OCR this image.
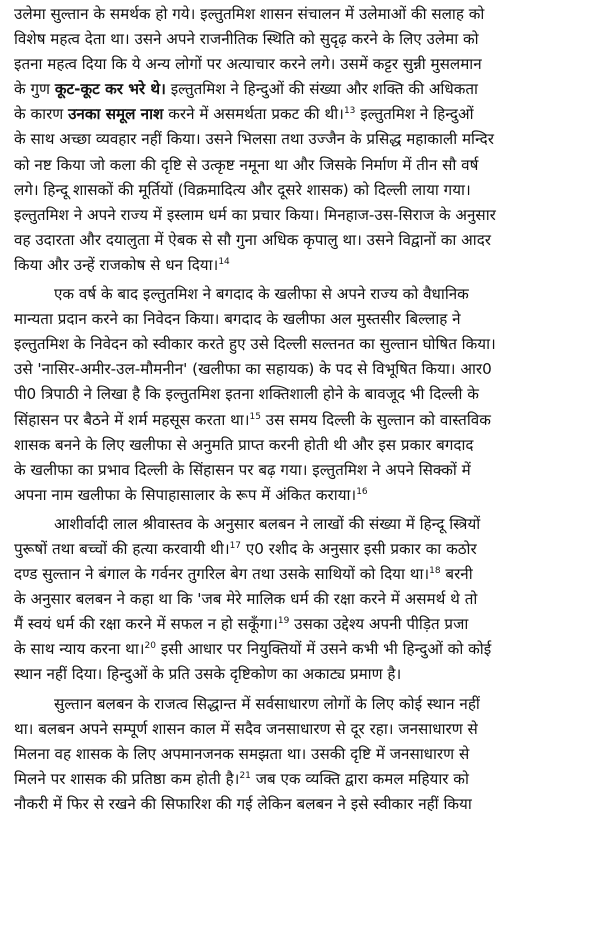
उलेमा सुल्तान के समर्थक हो गये। इल्तुतमिश शासन संचालन में उलेमाओं की सलाह को
विशेष महत्व देता था। उसने अपने राजनीतिक स्थिति को सुदृढ़ करने के लिए उलेमा को
इतना महत्व दिया कि ये अन्य लोगों पर अत्याचार करने लगे। उसमें कट्टर सुन्नी मुसलमान
के गुण कूट-कूट कर भरे थे। इल्तुतमिश ने हिन्दुओं की संख्या और शक्ति की अधिकता
के कारण उनका समूल नाश करने में असमर्थता प्रकट की थी।$^{13}$ इल्तुतमिश ने हिन्दुओं
के साथ अच्छा व्यवहार नहीं किया। उसने भिलसा तथा उज्जैन के प्रसिद्ध महाकाली मन्दिर
को नष्ट किया जो कला की दृष्टि से उत्कृष्ट नमूना था और जिसके निर्माण में तीन सौ वर्ष
लगे। हिन्दू शासकों की मूर्तियों (विक्रमादित्य और दूसरे शासक) को दिल्ली लाया गया।
इल्तुतमिश ने अपने राज्य में इस्लाम धर्म का प्रचार किया। मिनहाज-उस-सिराज के अनुसार
वह उदारता और दयालुता में ऐबक से सौ गुना अधिक कृपालु था। उसने विद्वानों का आदर
किया और उन्हें राजकोष से धन दिया।$^{14}$
एक वर्ष के बाद इल्तुतमिश ने बगदाद के खलीफा से अपने राज्य को वैधानिक
मान्यता प्रदान करने का निवेदन किया। बगदाद के खलीफा अल मुस्तसीर बिल्लाह ने
इल्तुतमिश के निवेदन को स्वीकार करते हुए उसे दिल्ली सल्तनत का सुल्तान घोषित किया।
उसे 'नासिर-अमीर-उल-मौमनीन' (खलीफा का सहायक) के पद से विभूषित किया। आर0
पी0 त्रिपाठी ने लिखा है कि इल्तुतमिश इतना शक्तिशाली होने के बावजूद भी दिल्ली के
सिंहासन पर बैठने में शर्म महसूस करता था।$^{15}$ उस समय दिल्ली के सुल्तान को वास्तविक
शासक बनने के लिए खलीफा से अनुमति प्राप्त करनी होती थी और इस प्रकार बगदाद
के खलीफा का प्रभाव दिल्ली के सिंहासन पर बढ़ गया। इल्तुतमिश ने अपने सिक्कों में
अपना नाम खलीफा के सिपाहासालार के रूप में अंकित कराया।$^{16}$
आशीर्वादी लाल श्रीवास्तव के अनुसार बलबन ने लाखों की संख्या में हिन्दू स्त्रियों
पुरूषों तथा बच्चों की हत्या करवायी थी।$^{17}$ ए0 रशीद के अनुसार इसी प्रकार का कठोर
दण्ड सुल्तान ने बंगाल के गर्वनर तुगरिल बेग तथा उसके साथियों को दिया था।$^{18}$ बरनी
के अनुसार बलबन ने कहा था कि 'जब मेरे मालिक धर्म की रक्षा करने में असमर्थ थे तो
मैं स्वयं धर्म की रक्षा करने में सफल न हो सकूँगा।$^{19}$ उसका उद्देश्य अपनी पीड़ित प्रजा
के साथ न्याय करना था।$^{20}$ इसी आधार पर नियुक्तियों में उसने कभी भी हिन्दुओं को कोई
स्थान नहीं दिया। हिन्दुओं के प्रति उसके दृष्टिकोण का अकाट्य प्रमाण है।
सुल्तान बलबन के राजत्व सिद्धान्त में सर्वसाधारण लोगों के लिए कोई स्थान नहीं
था। बलबन अपने सम्पूर्ण शासन काल में सदैव जनसाधारण से दूर रहा। जनसाधारण से
मिलना वह शासक के लिए अपमानजनक समझता था। उसकी दृष्टि में जनसाधारण से
मिलने पर शासक की प्रतिष्ठा कम होती है।$^{21}$ जब एक व्यक्ति द्वारा कमल महियार को
नौकरी में फिर से रखने की सिफारिश की गई लेकिन बलबन ने इसे स्वीकार नहीं किया
